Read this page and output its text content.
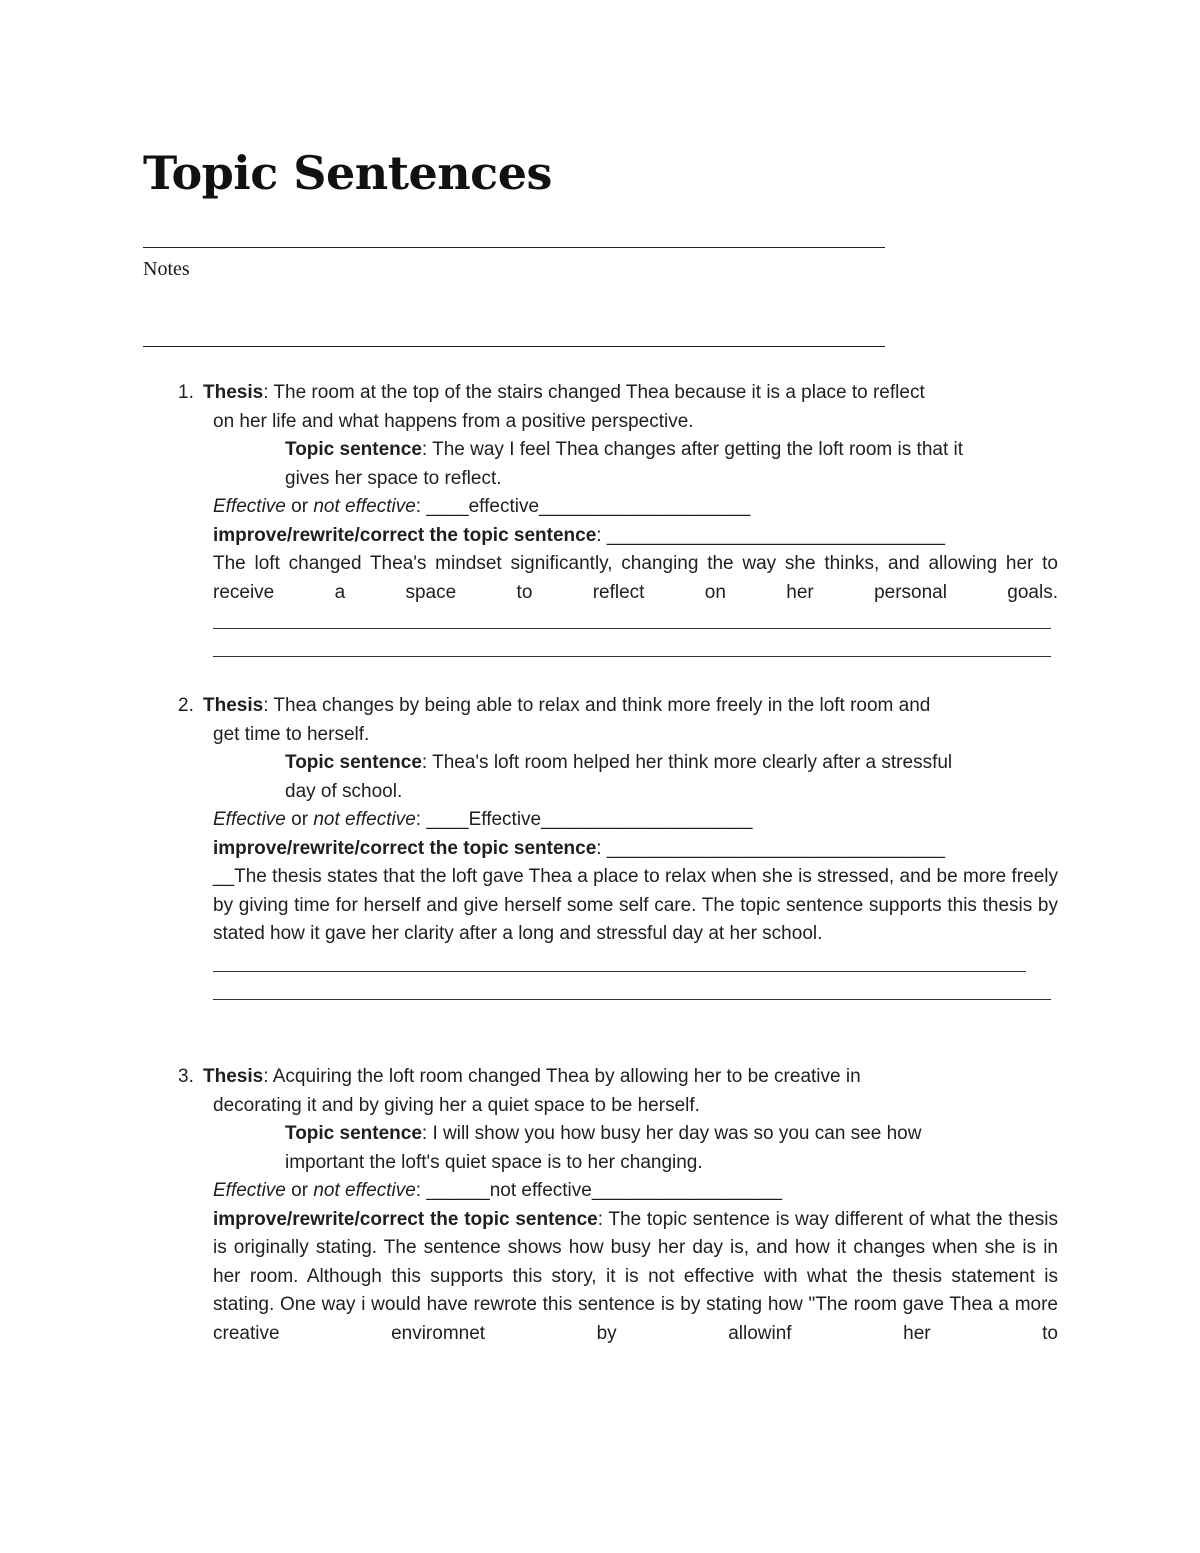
Topic Sentences
Notes
1. Thesis: The room at the top of the stairs changed Thea because it is a place to reflect
on her life and what happens from a positive perspective.
Topic sentence: The way I feel Thea changes after getting the loft room is that it
gives her space to reflect.
Effective or not effective: ____effective____________________
improve/rewrite/correct the topic sentence: ________________________________
The loft changed Thea's mindset significantly, changing the way she thinks, and allowing her to receive a space to reflect on her personal goals.
2. Thesis: Thea changes by being able to relax and think more freely in the loft room and
get time to herself.
Topic sentence: Thea's loft room helped her think more clearly after a stressful
day of school.
Effective or not effective: ____Effective____________________
improve/rewrite/correct the topic sentence: ________________________________
__The thesis states that the loft gave Thea a place to relax when she is stressed, and be more freely by giving time for herself and give herself some self care. The topic sentence supports this thesis by stated how it gave her clarity after a long and stressful day at her school.
3. Thesis: Acquiring the loft room changed Thea by allowing her to be creative in
decorating it and by giving her a quiet space to be herself.
Topic sentence: I will show you how busy her day was so you can see how
important the loft's quiet space is to her changing.
Effective or not effective: ______not effective__________________
improve/rewrite/correct the topic sentence: The topic sentence is way different of what the thesis is originally stating. The sentence shows how busy her day is, and how it changes when she is in her room. Although this supports this story, it is not effective with what the thesis statement is stating. One way i would have rewrote this sentence is by stating how "The room gave Thea a more creative enviromnet by allowinf her to
